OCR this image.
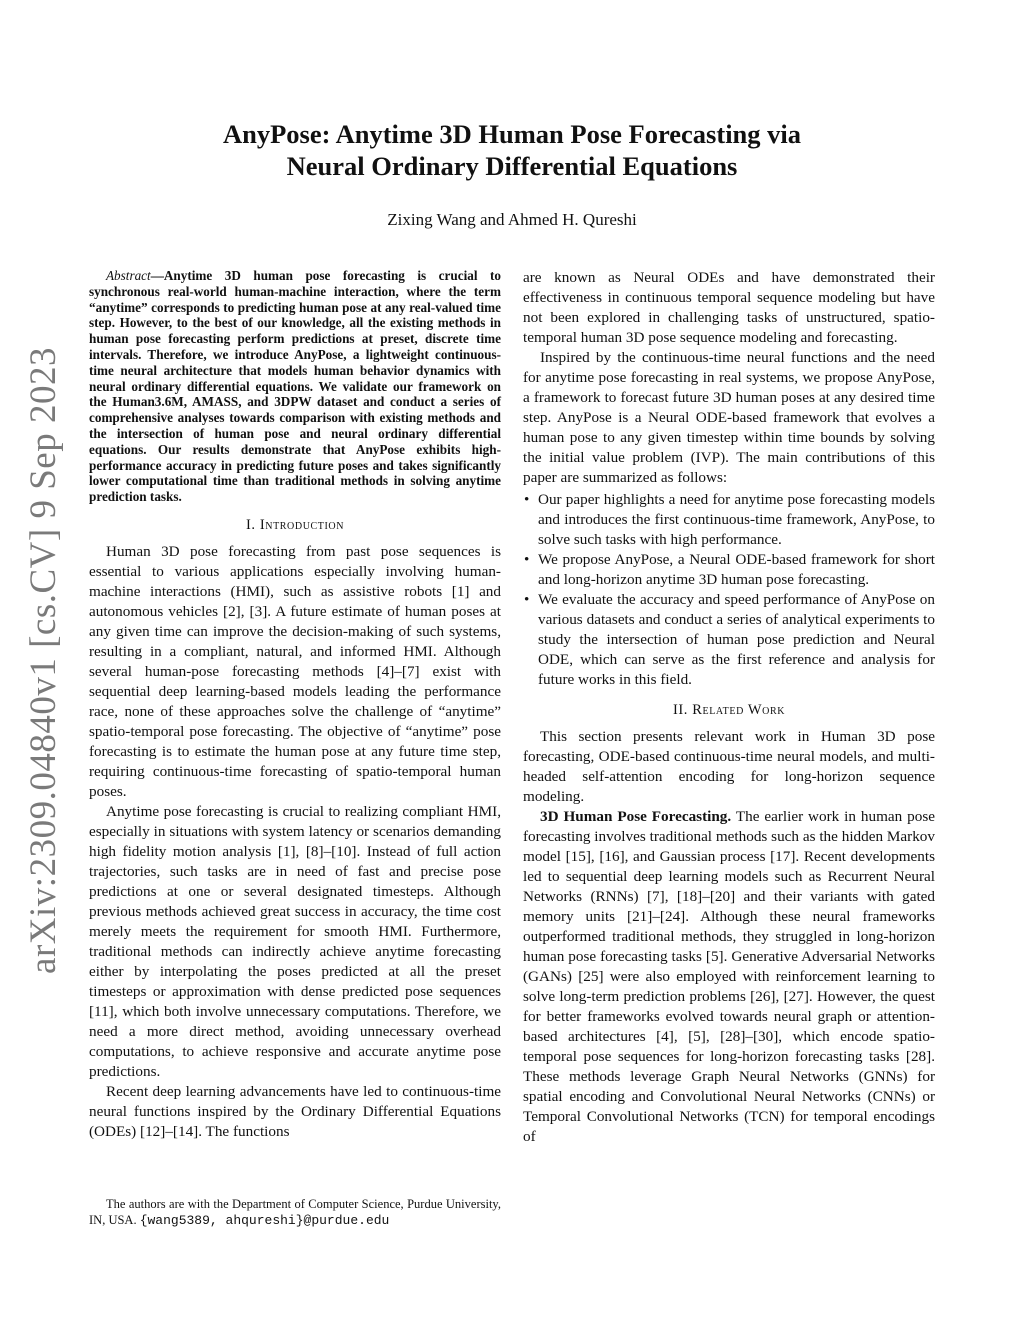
arXiv:2309.04840v1 [cs.CV] 9 Sep 2023
AnyPose: Anytime 3D Human Pose Forecasting via
Neural Ordinary Differential Equations
Zixing Wang and Ahmed H. Qureshi

Abstract—Anytime 3D human pose forecasting is crucial to synchronous real-world human-machine interaction, where the term “anytime” corresponds to predicting human pose at any real-valued time step. However, to the best of our knowledge, all the existing methods in human pose forecasting perform predictions at preset, discrete time intervals. Therefore, we introduce AnyPose, a lightweight continuous-time neural architecture that models human behavior dynamics with neural ordinary differential equations. We validate our framework on the Human3.6M, AMASS, and 3DPW dataset and conduct a series of comprehensive analyses towards comparison with existing methods and the intersection of human pose and neural ordinary differential equations. Our results demonstrate that AnyPose exhibits high-performance accuracy in predicting future poses and takes significantly lower computational time than traditional methods in solving anytime prediction tasks.

I. Introduction

Human 3D pose forecasting from past pose sequences is essential to various applications especially involving human-machine interactions (HMI), such as assistive robots [1] and autonomous vehicles [2], [3]. A future estimate of human poses at any given time can improve the decision-making of such systems, resulting in a compliant, natural, and informed HMI. Although several human-pose forecasting methods [4]–[7] exist with sequential deep learning-based models leading the performance race, none of these approaches solve the challenge of “anytime” spatio-temporal pose forecasting. The objective of “anytime” pose forecasting is to estimate the human pose at any future time step, requiring continuous-time forecasting of spatio-temporal human poses.

Anytime pose forecasting is crucial to realizing compliant HMI, especially in situations with system latency or scenarios demanding high fidelity motion analysis [1], [8]–[10]. Instead of full action trajectories, such tasks are in need of fast and precise pose predictions at one or several designated timesteps. Although previous methods achieved great success in accuracy, the time cost merely meets the requirement for smooth HMI. Furthermore, traditional methods can indirectly achieve anytime forecasting either by interpolating the poses predicted at all the preset timesteps or approximation with dense predicted pose sequences [11], which both involve unnecessary computations. Therefore, we need a more direct method, avoiding unnecessary overhead computations, to achieve responsive and accurate anytime pose predictions.

Recent deep learning advancements have led to continuous-time neural functions inspired by the Ordinary Differential Equations (ODEs) [12]–[14]. The functions

The authors are with the Department of Computer Science, Purdue University, IN, USA. {wang5389, ahqureshi}@purdue.edu

are known as Neural ODEs and have demonstrated their effectiveness in continuous temporal sequence modeling but have not been explored in challenging tasks of unstructured, spatio-temporal human 3D pose sequence modeling and forecasting.

Inspired by the continuous-time neural functions and the need for anytime pose forecasting in real systems, we propose AnyPose, a framework to forecast future 3D human poses at any desired time step. AnyPose is a Neural ODE-based framework that evolves a human pose to any given timestep within time bounds by solving the initial value problem (IVP). The main contributions of this paper are summarized as follows:

• Our paper highlights a need for anytime pose forecasting models and introduces the first continuous-time framework, AnyPose, to solve such tasks with high performance.
• We propose AnyPose, a Neural ODE-based framework for short and long-horizon anytime 3D human pose forecasting.
• We evaluate the accuracy and speed performance of AnyPose on various datasets and conduct a series of analytical experiments to study the intersection of human pose prediction and Neural ODE, which can serve as the first reference and analysis for future works in this field.
II. Related Work

This section presents relevant work in Human 3D pose forecasting, ODE-based continuous-time neural models, and multi-headed self-attention encoding for long-horizon sequence modeling.

3D Human Pose Forecasting. The earlier work in human pose forecasting involves traditional methods such as the hidden Markov model [15], [16], and Gaussian process [17]. Recent developments led to sequential deep learning models such as Recurrent Neural Networks (RNNs) [7], [18]–[20] and their variants with gated memory units [21]–[24]. Although these neural frameworks outperformed traditional methods, they struggled in long-horizon human pose forecasting tasks [5]. Generative Adversarial Networks (GANs) [25] were also employed with reinforcement learning to solve long-term prediction problems [26], [27]. However, the quest for better frameworks evolved towards neural graph or attention-based architectures [4], [5], [28]–[30], which encode spatio-temporal pose sequences for long-horizon forecasting tasks [28]. These methods leverage Graph Neural Networks (GNNs) for spatial encoding and Convolutional Neural Networks (CNNs) or Temporal Convolutional Networks (TCN) for temporal encodings of
